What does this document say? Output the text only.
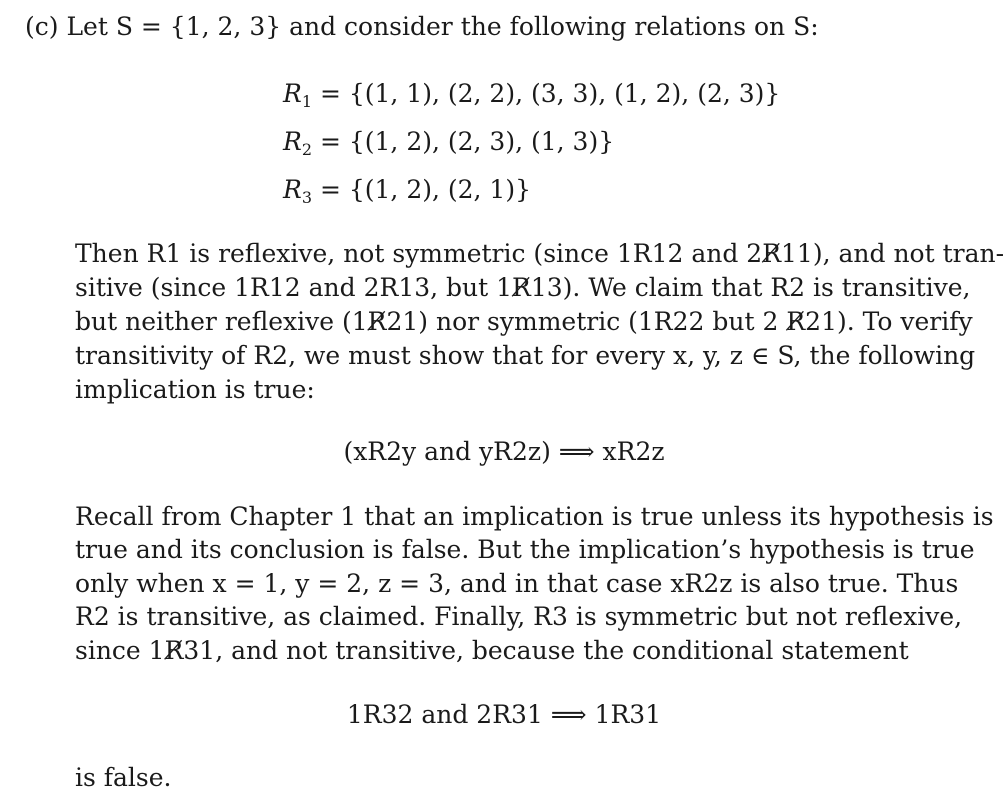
(c) Let S = {1, 2, 3} and consider the following relations on S:
$R_1 = \{(1$, 1), (2, 2), (3, 3), (1, 2), (2, 3)}
$R_2 = \{(1$, 2), (2, 3), (1, 3)}
$R_3 = \{(1$, 2), (2, 1)}
Then R1 is reflexive, not symmetric (since 1R12 and 2R̸11), and not tran-
sitive (since 1R12 and 2R13, but 1R̸13). We claim that R2 is transitive,
but neither reflexive (1R̸21) nor symmetric (1R22 but 2 R̸21). To verify
transitivity of R2, we must show that for every x, y, z ∈ S, the following
implication is true:
(xR2y and yR2z) ⟹ xR2z
Recall from Chapter 1 that an implication is true unless its hypothesis is
true and its conclusion is false. But the implication’s hypothesis is true
only when x = 1, y = 2, z = 3, and in that case xR2z is also true. Thus
R2 is transitive, as claimed. Finally, R3 is symmetric but not reflexive,
since 1R̸31, and not transitive, because the conditional statement
1R32 and 2R31 ⟹ 1R31
is false.
